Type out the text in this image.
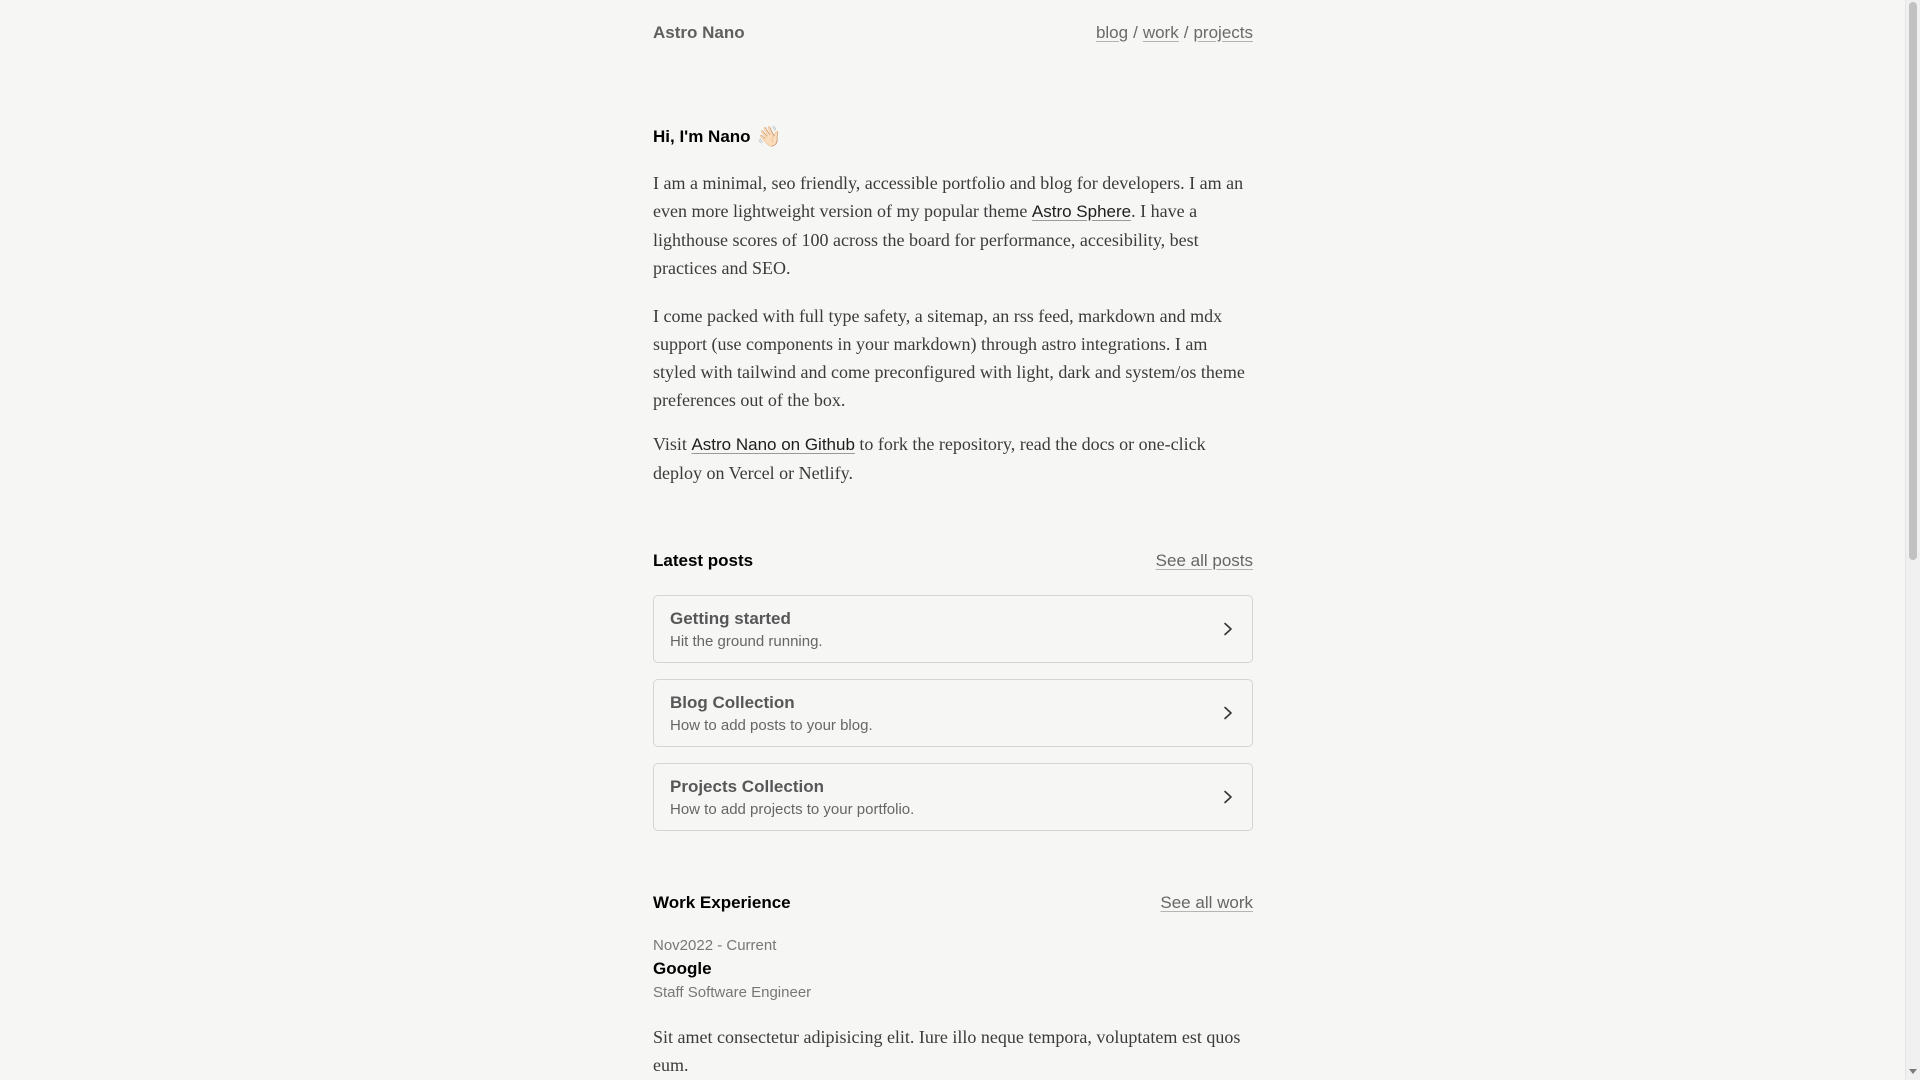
Astro Nano	blog / work / projects
Hi, I'm Nano 👋🏻

I am a minimal, seo friendly, accessible portfolio and blog for developers. I am an even more lightweight version of my popular theme Astro Sphere. I have a lighthouse scores of 100 across the board for performance, accesibility, best practices and SEO.

I come packed with full type safety, a sitemap, an rss feed, markdown and mdx support (use components in your markdown) through astro integrations. I am styled with tailwind and come preconfigured with light, dark and system/os theme preferences out of the box.

Visit Astro Nano on Github to fork the repository, read the docs or one-click deploy on Vercel or Netlify.

Latest posts	See all posts
Getting started
Hit the ground running.
Blog Collection
How to add posts to your blog.
Projects Collection
How to add projects to your portfolio.
Work Experience	See all work
Nov2022 - Current
Google
Staff Software Engineer

Sit amet consectetur adipisicing elit. Iure illo neque tempora, voluptatem est quos eum.
